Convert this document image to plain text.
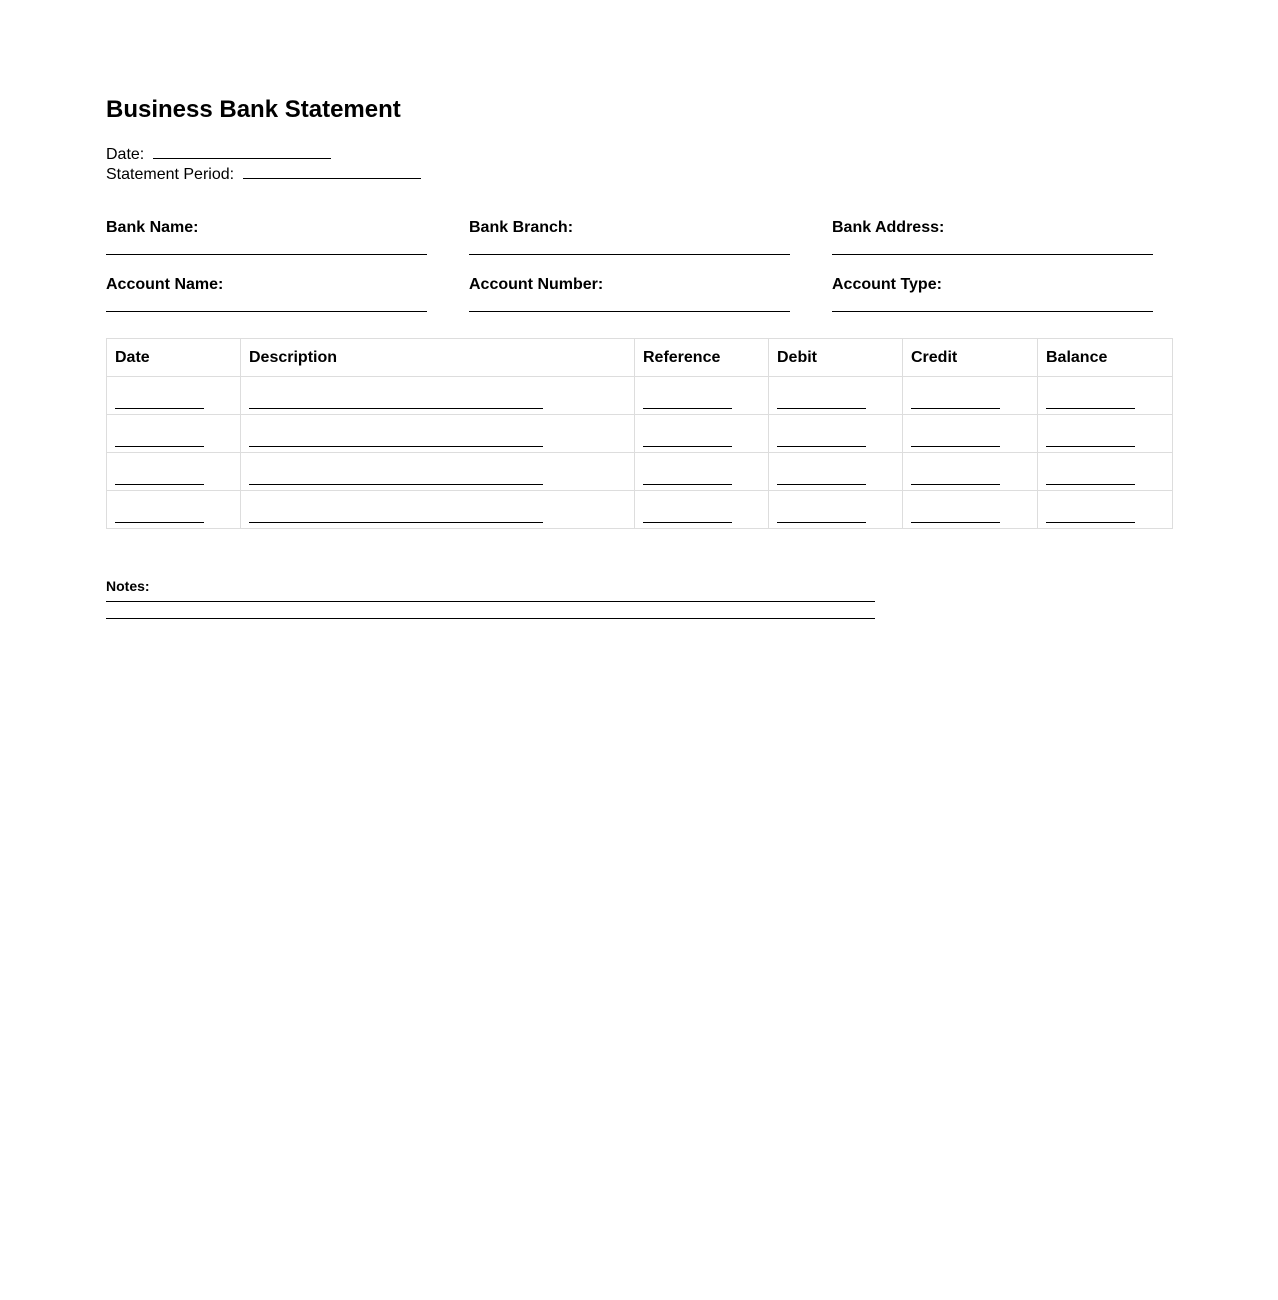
Business Bank Statement
Date:
Statement Period:
Bank Name:	Bank Branch:	Bank Address:
Account Name:	Account Number:	Account Type:
Date	Description	Reference	Debit	Credit	Balance

Notes:
